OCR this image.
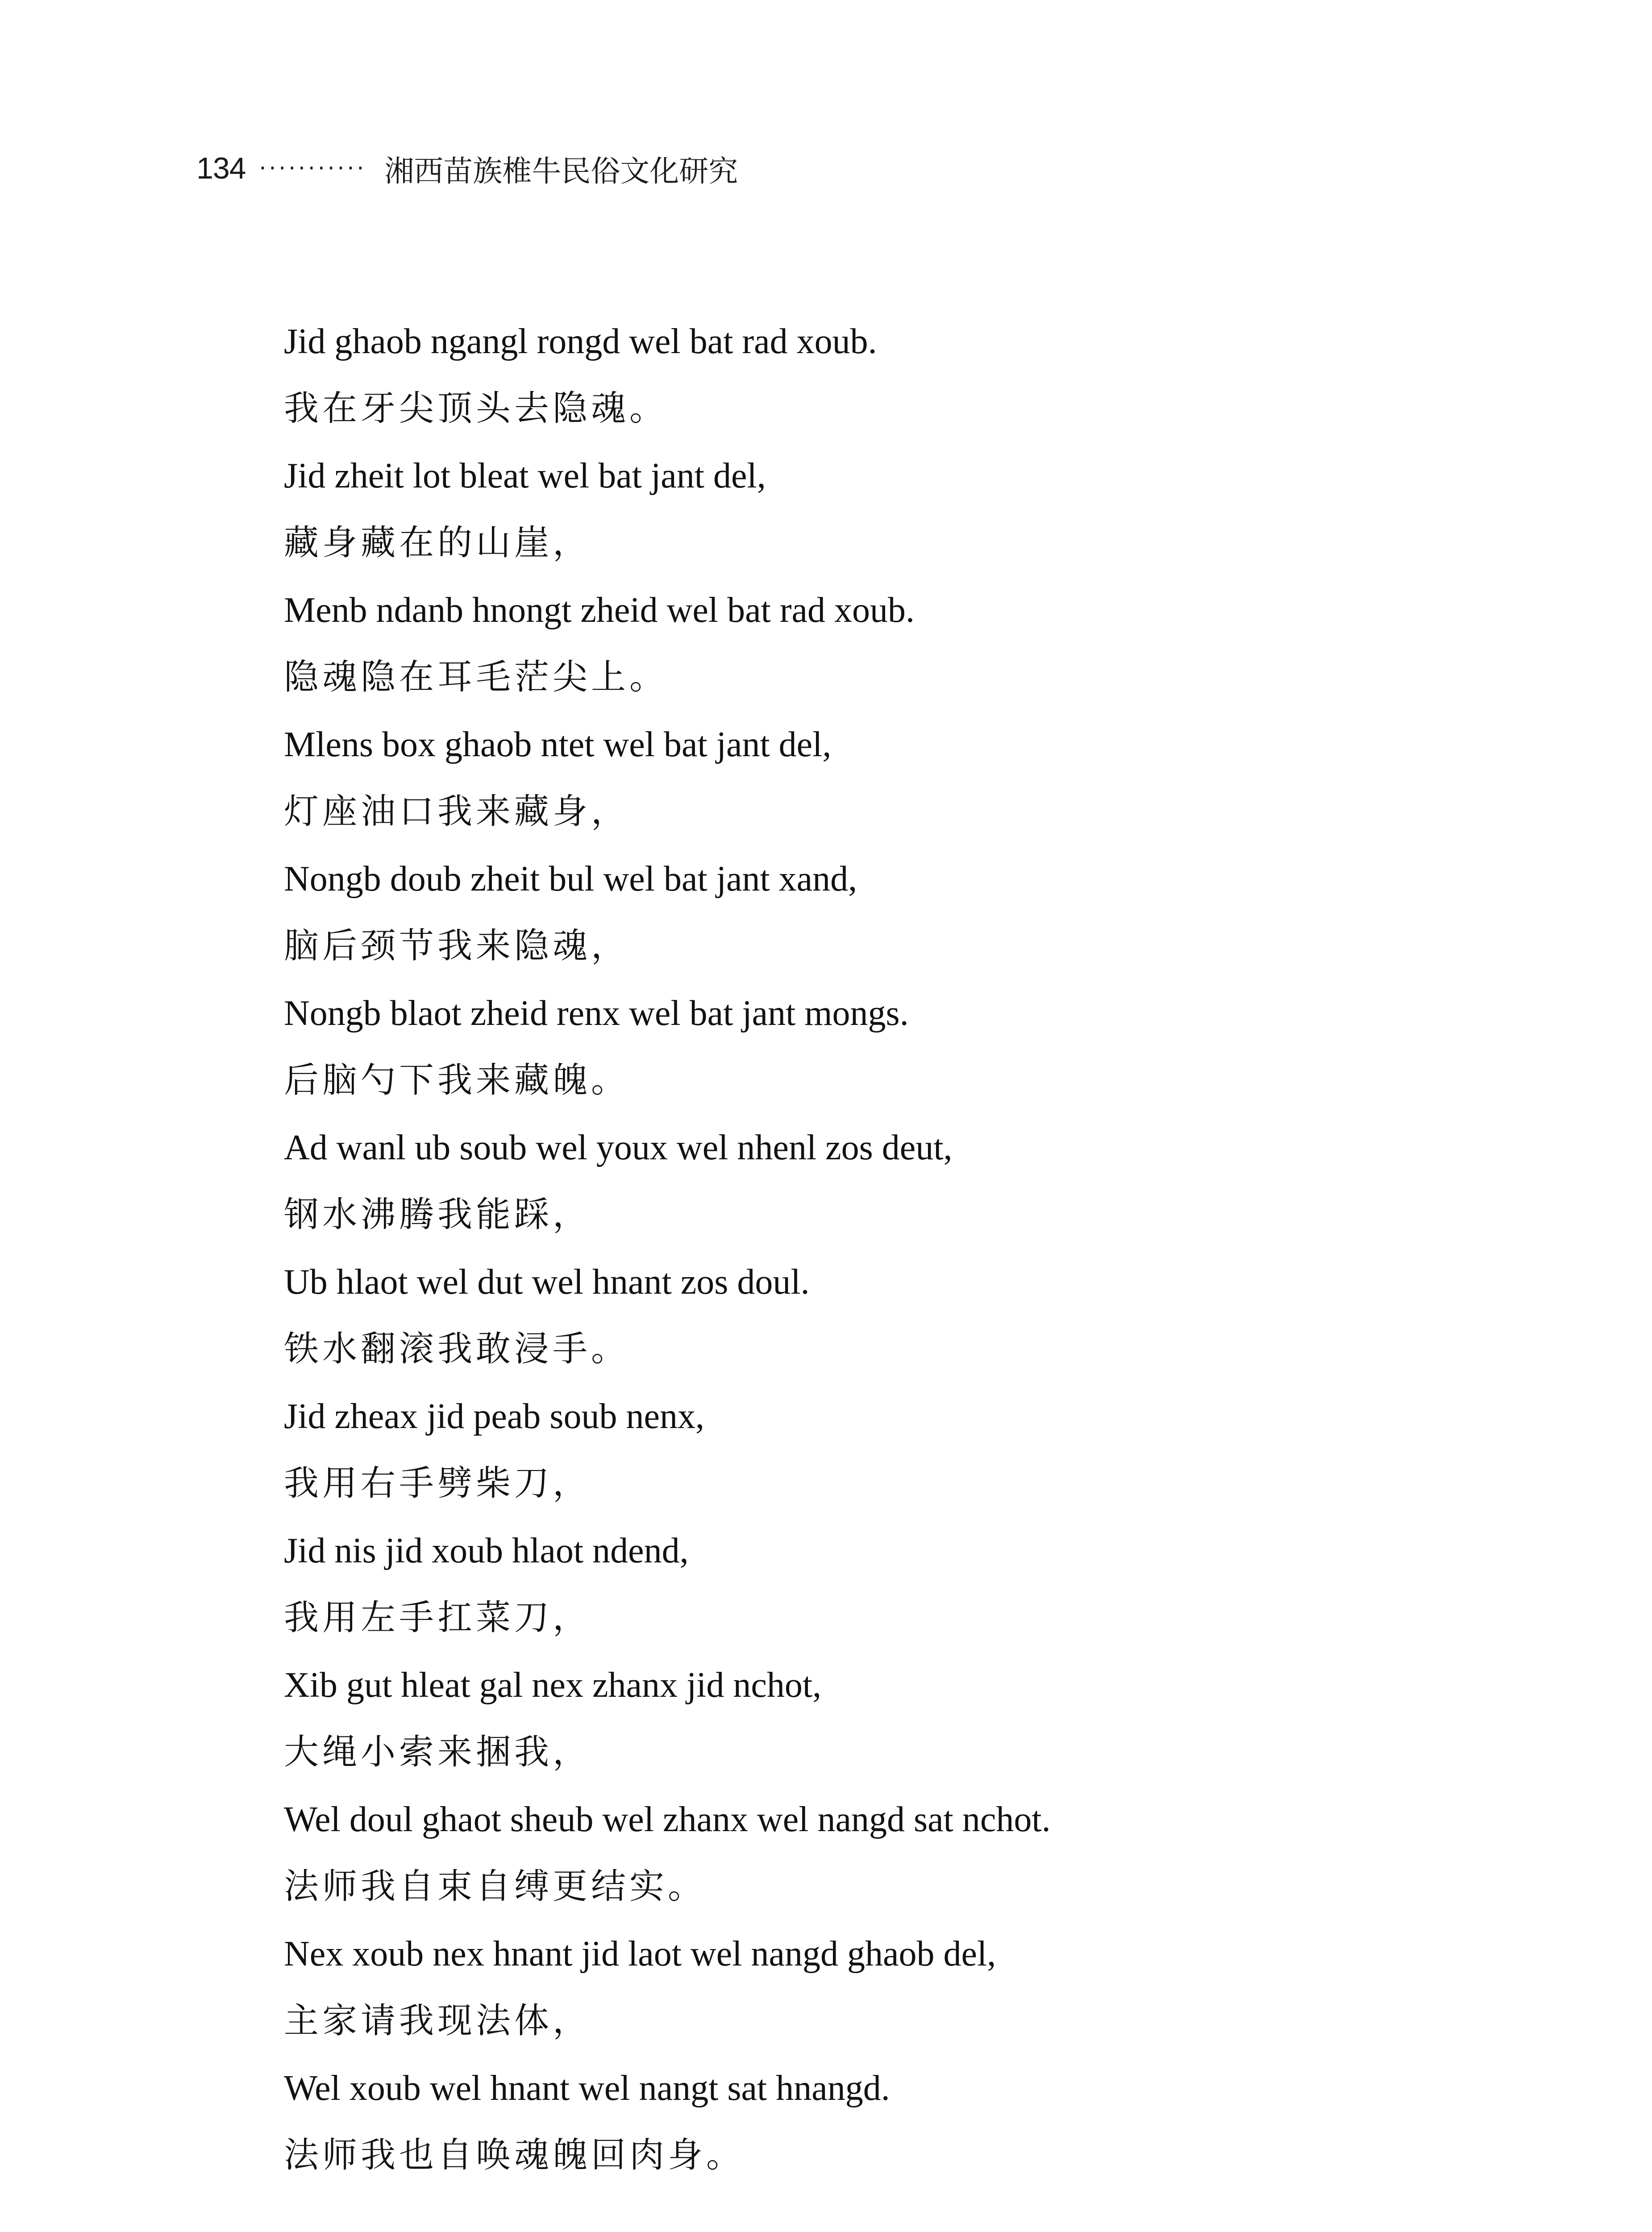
134 ··········· 湘西苗族椎牛民俗文化研究
Jid ghaob ngangl rongd wel bat rad xoub.
我在牙尖顶头去隐魂。
Jid zheit lot bleat wel bat jant del,
藏身藏在的山崖，
Menb ndanb hnongt zheid wel bat rad xoub.
隐魂隐在耳毛茫尖上。
Mlens box ghaob ntet wel bat jant del,
灯座油口我来藏身，
Nongb doub zheit bul wel bat jant xand,
脑后颈节我来隐魂，
Nongb blaot zheid renx wel bat jant mongs.
后脑勺下我来藏魄。
Ad wanl ub soub wel youx wel nhenl zos deut,
钢水沸腾我能踩，
Ub hlaot wel dut wel hnant zos doul.
铁水翻滚我敢浸手。
Jid zheax jid peab soub nenx,
我用右手劈柴刀，
Jid nis jid xoub hlaot ndend,
我用左手扛菜刀，
Xib gut hleat gal nex zhanx jid nchot,
大绳小索来捆我，
Wel doul ghaot sheub wel zhanx wel nangd sat nchot.
法师我自束自缚更结实。
Nex xoub nex hnant jid laot wel nangd ghaob del,
主家请我现法体，
Wel xoub wel hnant wel nangt sat hnangd.
法师我也自唤魂魄回肉身。
